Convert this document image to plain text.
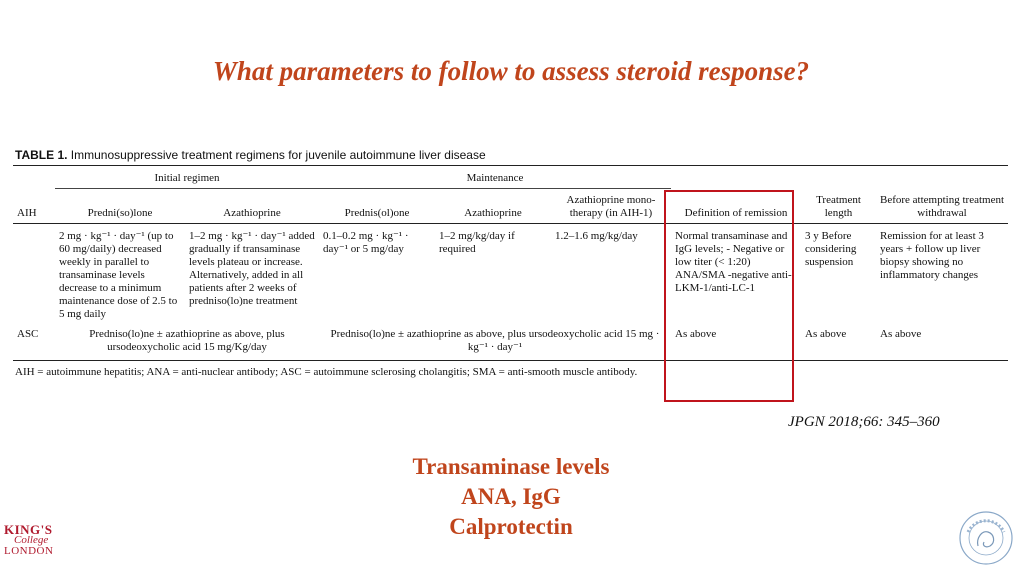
What parameters to follow to assess steroid response?
TABLE 1. Immunosuppressive treatment regimens for juvenile autoimmune liver disease
	Initial regimen		Maintenance					
AIH	Predni(so)lone	Azathioprine	Prednis(ol)one	Azathioprine	Azathioprine mono-therapy (in AIH-1)	Definition of remission	Treatment length	Before attempting treatment withdrawal
	2 mg · kg⁻¹ · day⁻¹ (up to 60 mg/daily) decreased weekly in parallel to transaminase levels decrease to a minimum maintenance dose of 2.5 to 5 mg daily	1–2 mg · kg⁻¹ · day⁻¹ added gradually if transaminase levels plateau or increase. Alternatively, added in all patients after 2 weeks of predniso(lo)ne treatment	0.1–0.2 mg · kg⁻¹ · day⁻¹ or 5 mg/day	1–2 mg/kg/day if required	1.2–1.6 mg/kg/day	Normal transaminase and IgG levels; - Negative or low titer (< 1:20) ANA/SMA -negative anti-LKM-1/anti-LC-1	3 y Before considering suspension	Remission for at least 3 years + follow up liver biopsy showing no inflammatory changes
ASC	Predniso(lo)ne ± azathioprine as above, plus ursodeoxycholic acid 15 mg/Kg/day		Predniso(lo)ne ± azathioprine as above, plus ursodeoxycholic acid 15 mg · kg⁻¹ · day⁻¹			As above	As above	As above
AIH = autoimmune hepatitis; ANA = anti-nuclear antibody; ASC = autoimmune sclerosing cholangitis; SMA = anti-smooth muscle antibody.
JPGN 2018;66: 345–360
Transaminase levels
ANA, IgG
Calprotectin
KING'S
College
LONDON
